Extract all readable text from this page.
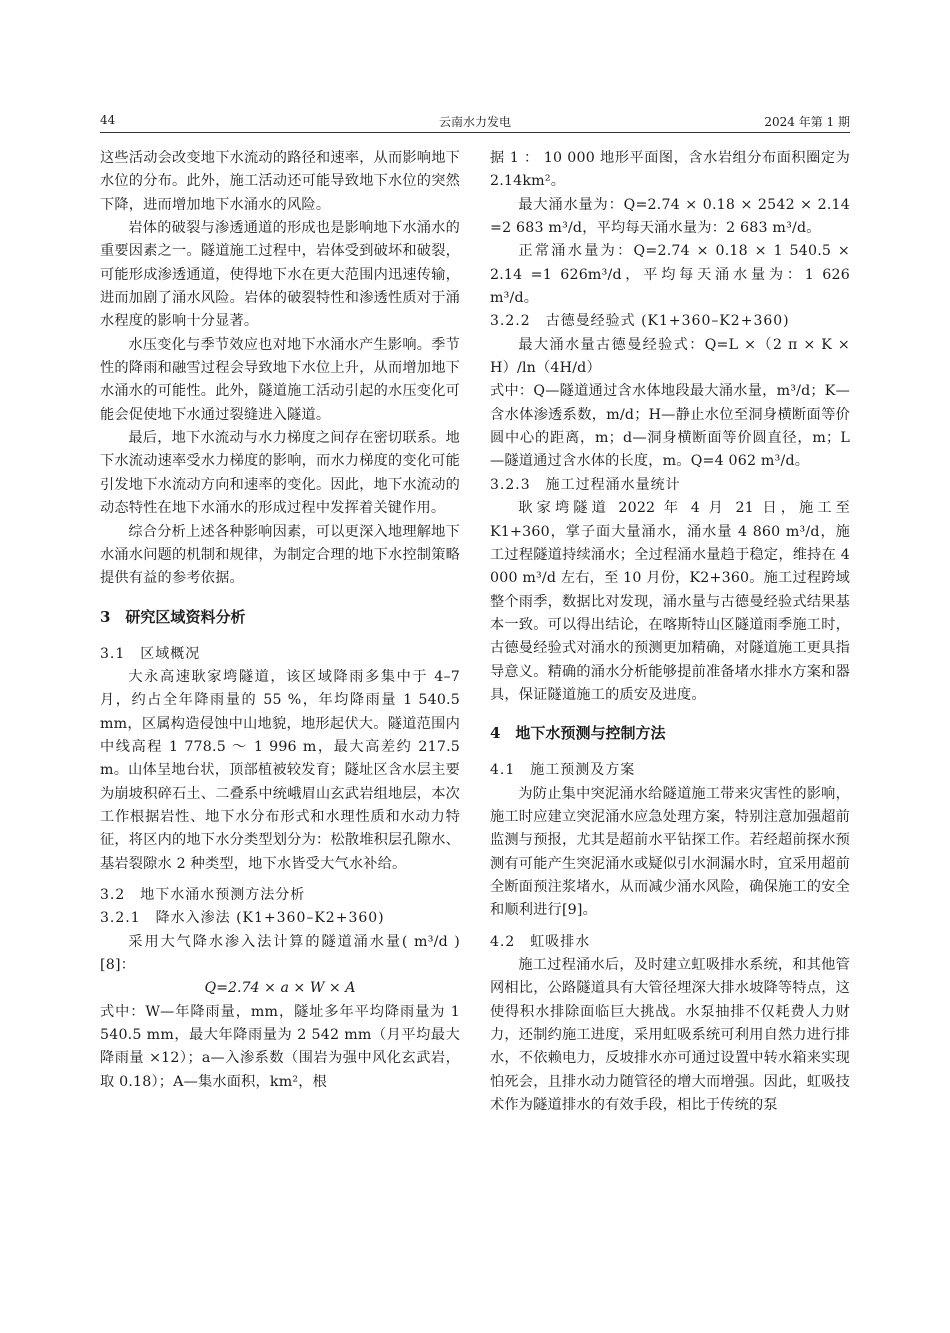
44	云南水力发电	2024 年第 1 期

这些活动会改变地下水流动的路径和速率，从而影响地下水位的分布。此外，施工活动还可能导致地下水位的突然下降，进而增加地下水涌水的风险。

岩体的破裂与渗透通道的形成也是影响地下水涌水的重要因素之一。隧道施工过程中，岩体受到破坏和破裂，可能形成渗透通道，使得地下水在更大范围内迅速传输，进而加剧了涌水风险。岩体的破裂特性和渗透性质对于涌水程度的影响十分显著。

水压变化与季节效应也对地下水涌水产生影响。季节性的降雨和融雪过程会导致地下水位上升，从而增加地下水涌水的可能性。此外，隧道施工活动引起的水压变化可能会促使地下水通过裂缝进入隧道。

最后，地下水流动与水力梯度之间存在密切联系。地下水流动速率受水力梯度的影响，而水力梯度的变化可能引发地下水流动方向和速率的变化。因此，地下水流动的动态特性在地下水涌水的形成过程中发挥着关键作用。

综合分析上述各种影响因素，可以更深入地理解地下水涌水问题的机制和规律，为制定合理的地下水控制策略提供有益的参考依据。

3　研究区域资料分析

3.1　区域概况

大永高速耿家塆隧道，该区域降雨多集中于 4–7 月，约占全年降雨量的 55 %，年均降雨量 1 540.5 mm，区属构造侵蚀中山地貌，地形起伏大。隧道范围内中线高程 1 778.5 ～ 1 996 m，最大高差约 217.5 m。山体呈地台状，顶部植被较发育；隧址区含水层主要为崩坡积碎石土、二叠系中统峨眉山玄武岩组地层，本次工作根据岩性、地下水分布形式和水理性质和水动力特征，将区内的地下水分类型划分为：松散堆积层孔隙水、基岩裂隙水 2 种类型，地下水皆受大气水补给。

3.2　地下水涌水预测方法分析

3.2.1　降水入渗法 (K1+360–K2+360)

采用大气降水渗入法计算的隧道涌水量( m³/d )[8]：

Q=2.74 × a × W × A

式中：W—年降雨量，mm，隧址多年平均降雨量为 1 540.5 mm，最大年降雨量为 2 542 mm（月平均最大降雨量 ×12）；a—入渗系数（围岩为强中风化玄武岩，取 0.18）；A—集水面积，km²，根

据 1 ： 10 000 地形平面图，含水岩组分布面积圈定为 2.14km²。

最大涌水量为：Q=2.74 × 0.18 × 2542 × 2.14 =2 683 m³/d，平均每天涌水量为：2 683 m³/d。

正常涌水量为：Q=2.74 × 0.18 × 1 540.5 × 2.14 =1 626m³/d，平均每天涌水量为：1 626 m³/d。

3.2.2　古德曼经验式 (K1+360–K2+360)

最大涌水量古德曼经验式：Q=L ×（2 π × K × H）/ln（4H/d）

式中：Q—隧道通过含水体地段最大涌水量，m³/d；K—含水体渗透系数，m/d；H—静止水位至洞身横断面等价圆中心的距离，m；d—洞身横断面等价圆直径，m；L—隧道通过含水体的长度，m。Q=4 062 m³/d。

3.2.3　施工过程涌水量统计

耿家塆隧道 2022 年 4 月 21 日，施工至 K1+360，掌子面大量涌水，涌水量 4 860 m³/d，施工过程隧道持续涌水；全过程涌水量趋于稳定，维持在 4 000 m³/d 左右，至 10 月份，K2+360。施工过程跨域整个雨季，数据比对发现，涌水量与古德曼经验式结果基本一致。可以得出结论，在喀斯特山区隧道雨季施工时，古德曼经验式对涌水的预测更加精确，对隧道施工更具指导意义。精确的涌水分析能够提前准备堵水排水方案和器具，保证隧道施工的质安及进度。

4　地下水预测与控制方法

4.1　施工预测及方案

为防止集中突泥涌水给隧道施工带来灾害性的影响，施工时应建立突泥涌水应急处理方案，特别注意加强超前监测与预报，尤其是超前水平钻探工作。若经超前探水预测有可能产生突泥涌水或疑似引水洞漏水时，宜采用超前全断面预注浆堵水，从而减少涌水风险，确保施工的安全和顺利进行[9]。

4.2　虹吸排水

施工过程涌水后，及时建立虹吸排水系统，和其他管网相比，公路隧道具有大管径埋深大排水坡降等特点，这使得积水排除面临巨大挑战。水泵抽排不仅耗费人力财力，还制约施工进度，采用虹吸系统可利用自然力进行排水，不依赖电力，反坡排水亦可通过设置中转水箱来实现怕死会，且排水动力随管径的增大而增强。因此，虹吸技术作为隧道排水的有效手段，相比于传统的泵
